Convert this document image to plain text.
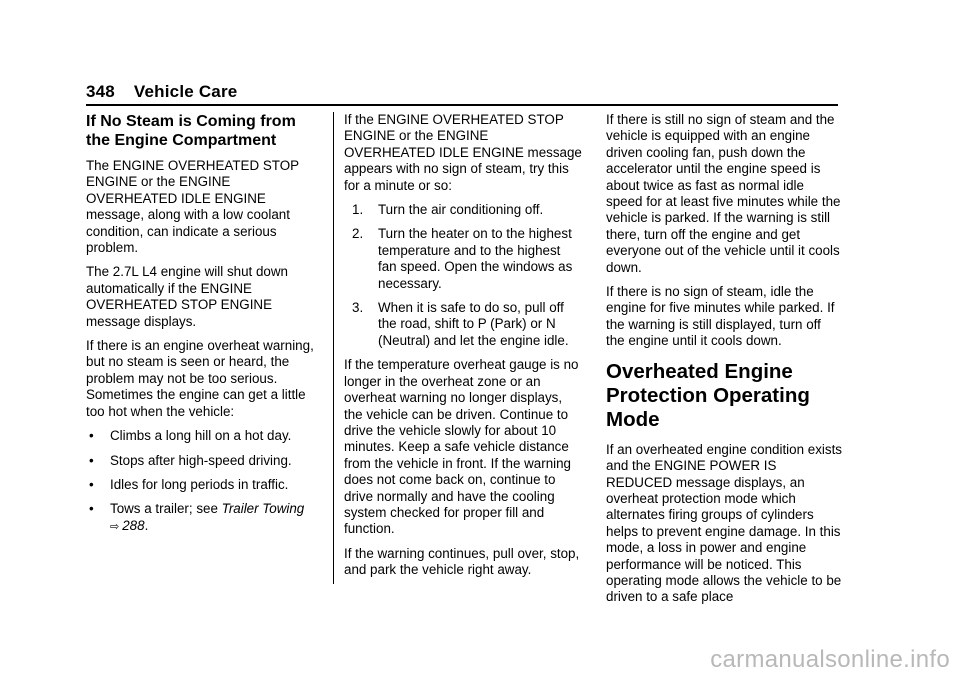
348 Vehicle Care
If No Steam is Coming from the Engine Compartment

The ENGINE OVERHEATED STOP ENGINE or the ENGINE OVERHEATED IDLE ENGINE message, along with a low coolant condition, can indicate a serious problem.

The 2.7L L4 engine will shut down automatically if the ENGINE OVERHEATED STOP ENGINE message displays.

If there is an engine overheat warning, but no steam is seen or heard, the problem may not be too serious. Sometimes the engine can get a little too hot when the vehicle:

• Climbs a long hill on a hot day.
• Stops after high-speed driving.
• Idles for long periods in traffic.
• Tows a trailer; see Trailer Towing
⇨ 288.

If the ENGINE OVERHEATED STOP ENGINE or the ENGINE OVERHEATED IDLE ENGINE message appears with no sign of steam, try this for a minute or so:

1. Turn the air conditioning off.
2. Turn the heater on to the highest temperature and to the highest fan speed. Open the windows as necessary.
3. When it is safe to do so, pull off the road, shift to P (Park) or N (Neutral) and let the engine idle.

If the temperature overheat gauge is no longer in the overheat zone or an overheat warning no longer displays, the vehicle can be driven. Continue to drive the vehicle slowly for about 10 minutes. Keep a safe vehicle distance from the vehicle in front. If the warning does not come back on, continue to drive normally and have the cooling system checked for proper fill and function.

If the warning continues, pull over, stop, and park the vehicle right away.

If there is still no sign of steam and the vehicle is equipped with an engine driven cooling fan, push down the accelerator until the engine speed is about twice as fast as normal idle speed for at least five minutes while the vehicle is parked. If the warning is still there, turn off the engine and get everyone out of the vehicle until it cools down.

If there is no sign of steam, idle the engine for five minutes while parked. If the warning is still displayed, turn off the engine until it cools down.

Overheated Engine Protection Operating Mode

If an overheated engine condition exists and the ENGINE POWER IS REDUCED message displays, an overheat protection mode which alternates firing groups of cylinders helps to prevent engine damage. In this mode, a loss in power and engine performance will be noticed. This operating mode allows the vehicle to be driven to a safe place

carmanualsonline.info
